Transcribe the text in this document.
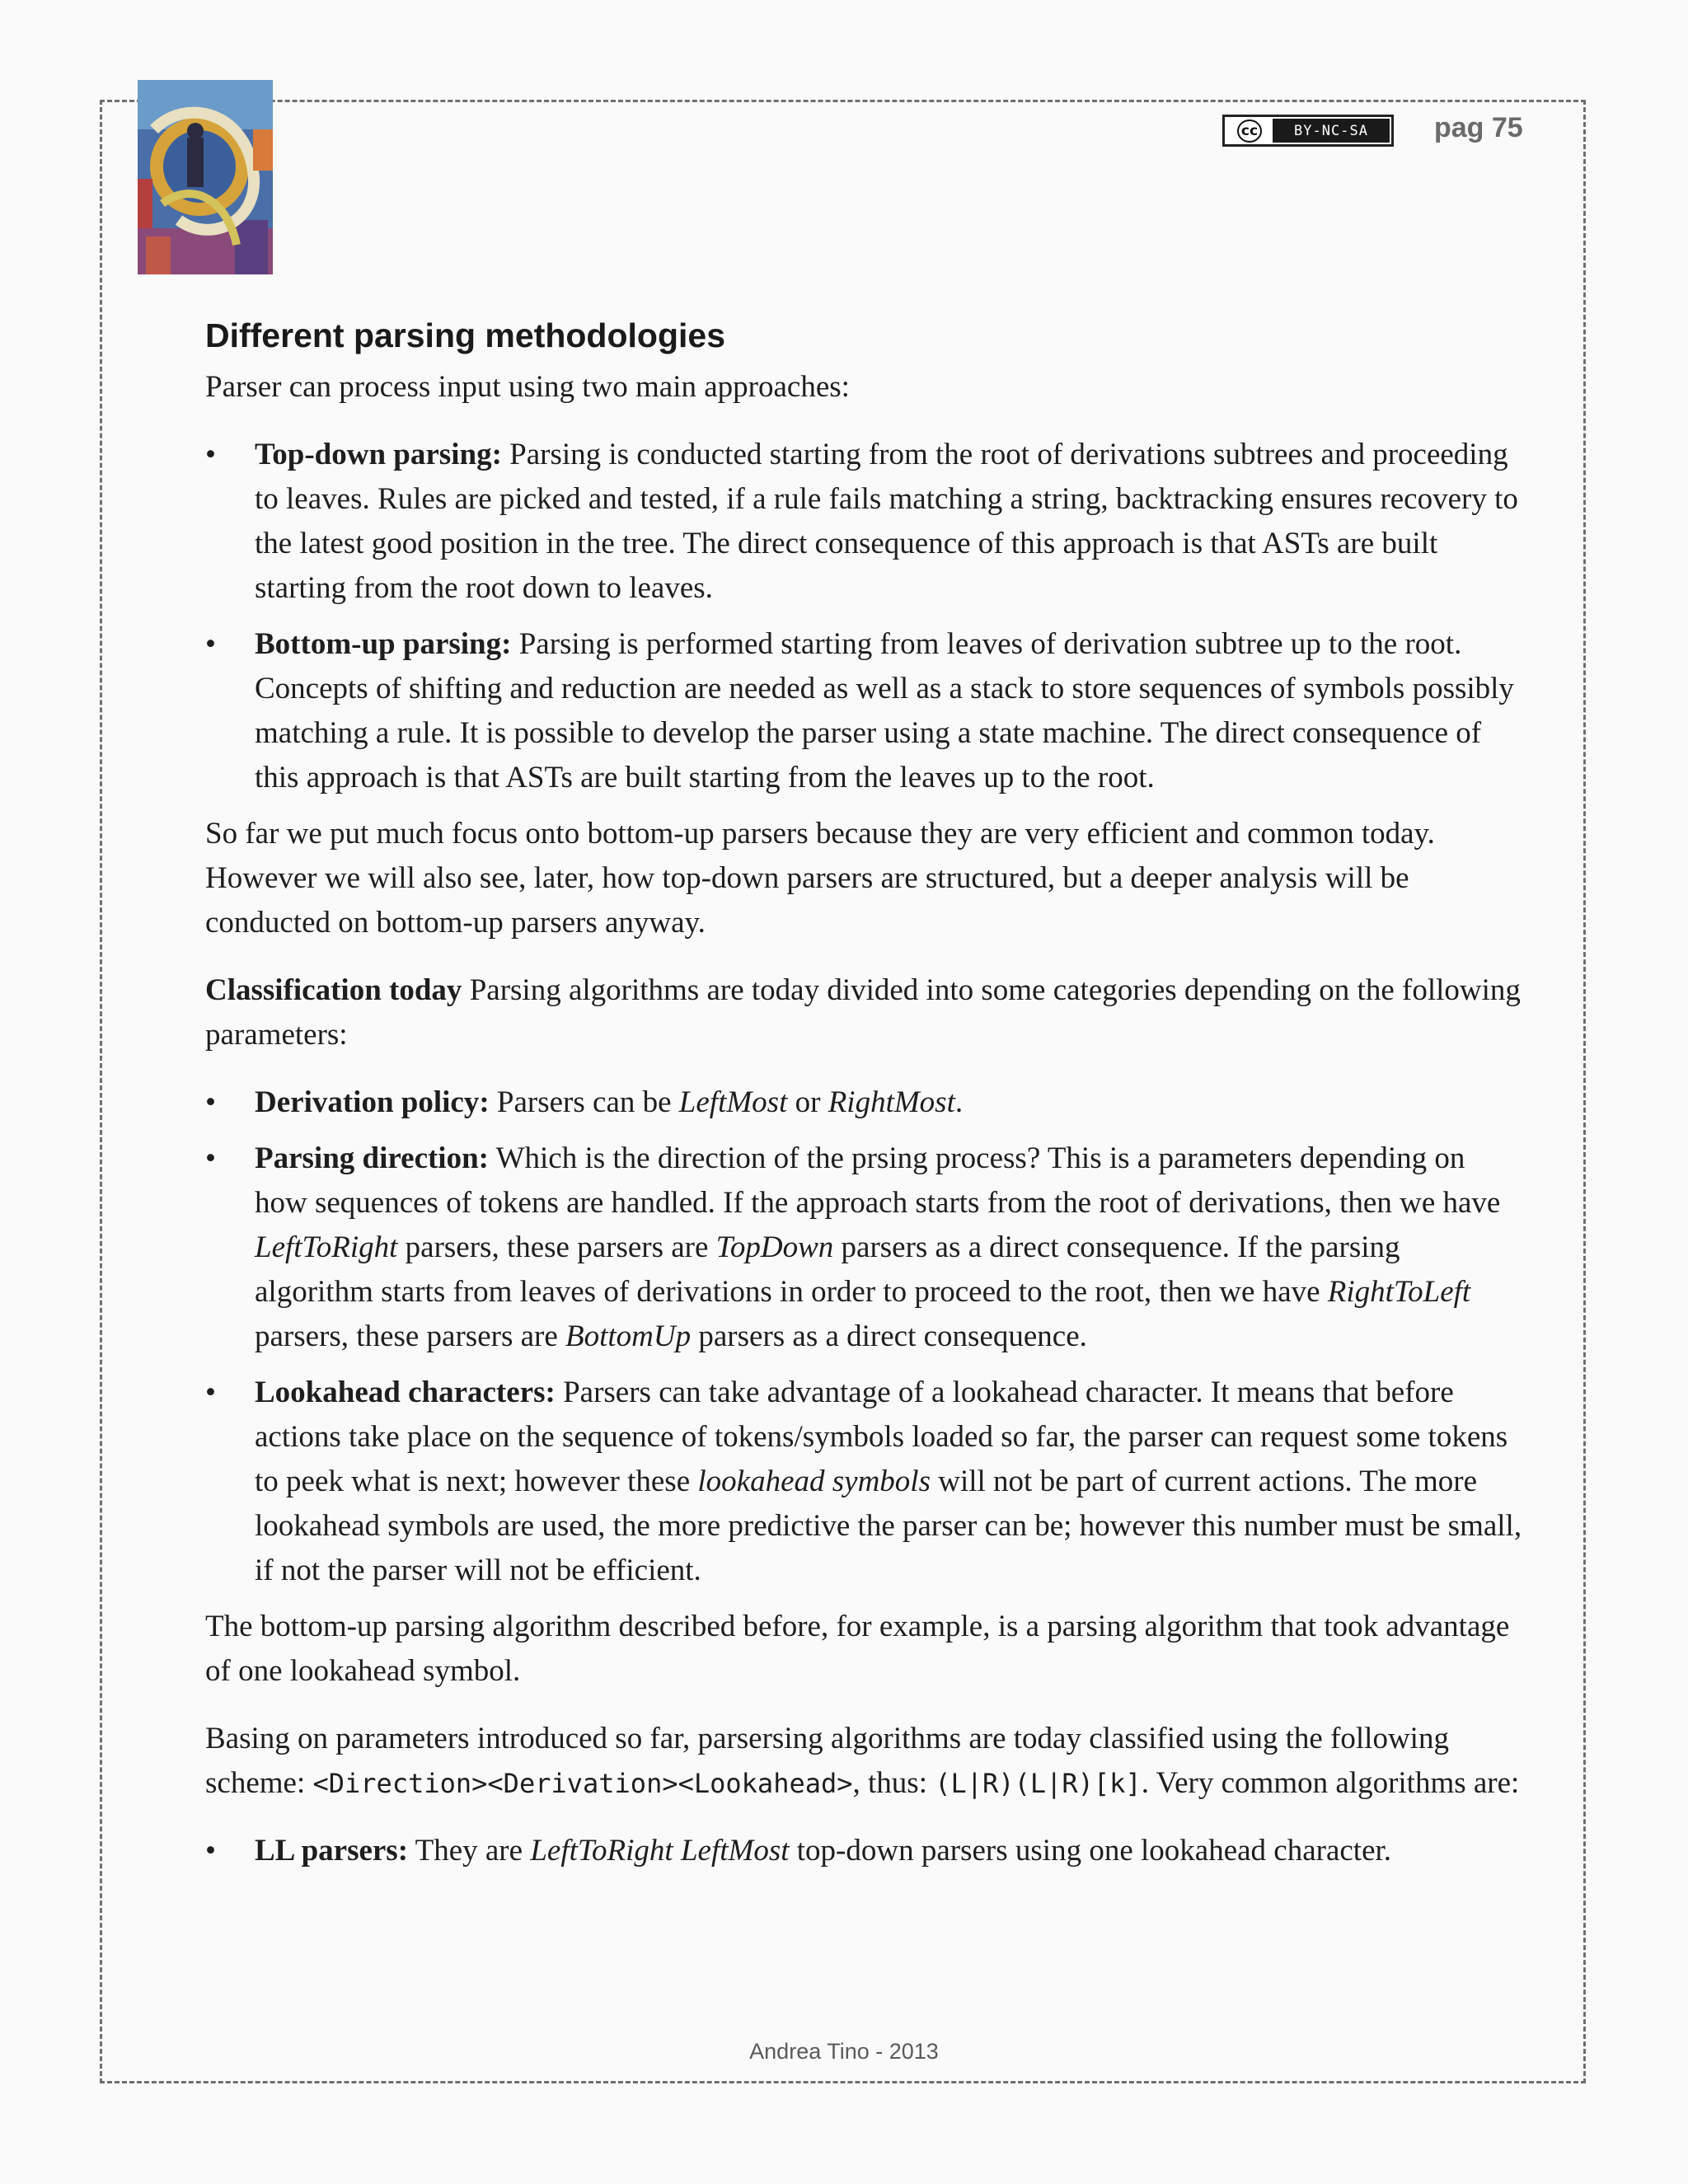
cc	BY-NC-SA	pag 75
Different parsing methodologies

Parser can process input using two main approaches:

• Top-down parsing: Parsing is conducted starting from the root of derivations subtrees and proceeding to leaves. Rules are picked and tested, if a rule fails matching a string, backtracking ensures recovery to the latest good position in the tree. The direct consequence of this approach is that ASTs are built starting from the root down to leaves.
• Bottom-up parsing: Parsing is performed starting from leaves of derivation subtree up to the root. Concepts of shifting and reduction are needed as well as a stack to store sequences of symbols possibly matching a rule. It is possible to develop the parser using a state machine. The direct consequence of this approach is that ASTs are built starting from the leaves up to the root.

So far we put much focus onto bottom-up parsers because they are very efficient and common today. However we will also see, later, how top-down parsers are structured, but a deeper analysis will be conducted on bottom-up parsers anyway.

Classification today Parsing algorithms are today divided into some categories depending on the following parameters:

• Derivation policy: Parsers can be LeftMost or RightMost.
• Parsing direction: Which is the direction of the prsing process? This is a parameters depending on how sequences of tokens are handled. If the approach starts from the root of derivations, then we have LeftToRight parsers, these parsers are TopDown parsers as a direct consequence. If the parsing algorithm starts from leaves of derivations in order to proceed to the root, then we have RightToLeft parsers, these parsers are BottomUp parsers as a direct consequence.
• Lookahead characters: Parsers can take advantage of a lookahead character. It means that before actions take place on the sequence of tokens/symbols loaded so far, the parser can request some tokens to peek what is next; however these lookahead symbols will not be part of current actions. The more lookahead symbols are used, the more predictive the parser can be; however this number must be small, if not the parser will not be efficient.

The bottom-up parsing algorithm described before, for example, is a parsing algorithm that took advantage of one lookahead symbol.

Basing on parameters introduced so far, parsersing algorithms are today classified using the following scheme: <Direction><Derivation><Lookahead>, thus: (L|R)(L|R)[k]. Very common algorithms are:

• LL parsers: They are LeftToRight LeftMost top-down parsers using one lookahead character.
Andrea Tino - 2013
